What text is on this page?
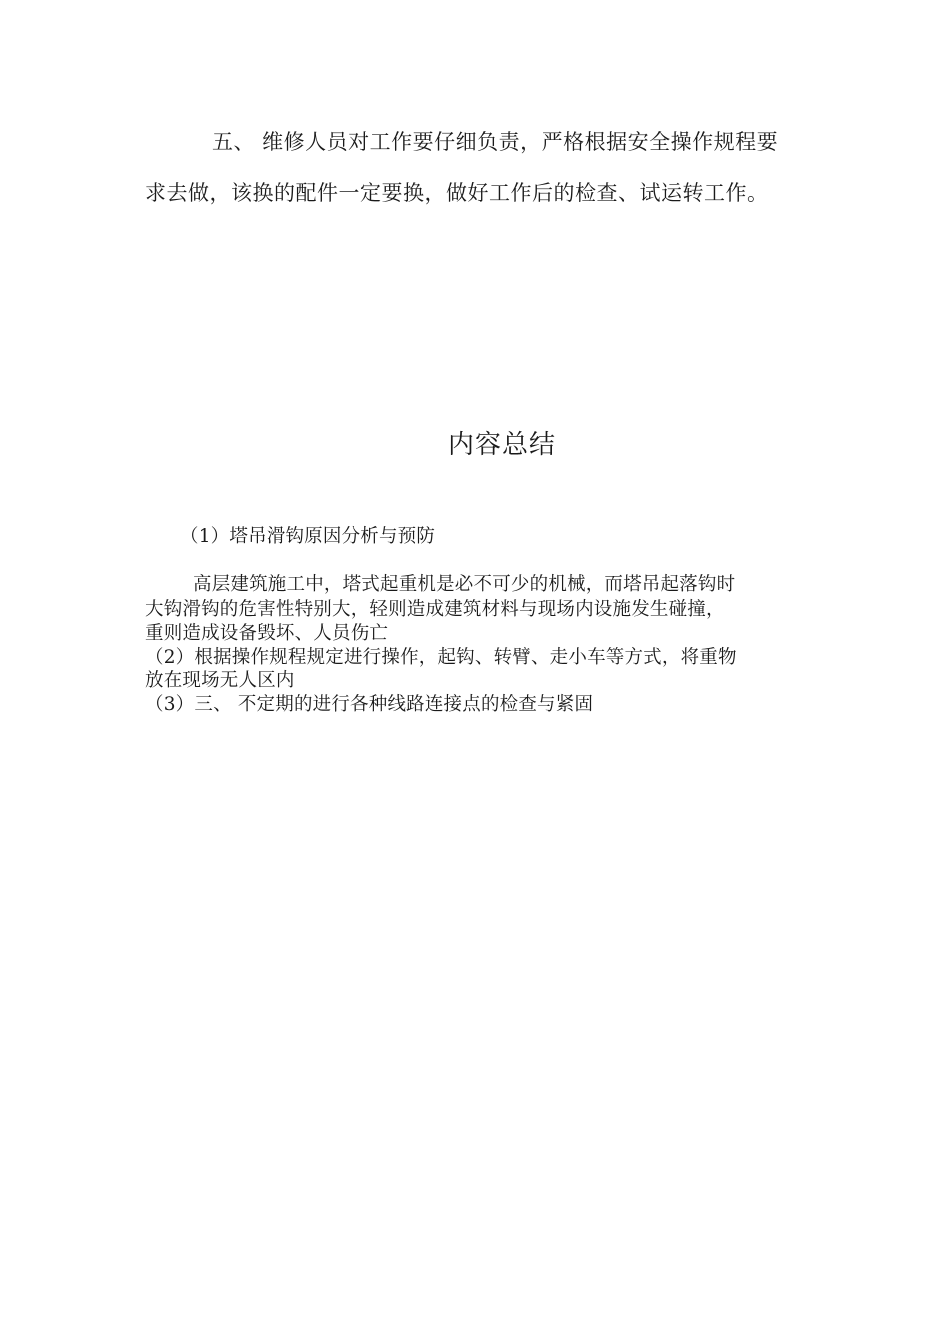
五、 维修人员对工作要仔细负责，严格根据安全操作规程要

求去做，该换的配件一定要换，做好工作后的检查、试运转工作。

内容总结

（1）塔吊滑钩原因分析与预防

高层建筑施工中，塔式起重机是必不可少的机械，而塔吊起落钩时

大钩滑钩的危害性特别大，轻则造成建筑材料与现场内设施发生碰撞，

重则造成设备毁坏、人员伤亡

（2）根据操作规程规定进行操作，起钩、转臂、走小车等方式，将重物

放在现场无人区内

（3）三、 不定期的进行各种线路连接点的检查与紧固
